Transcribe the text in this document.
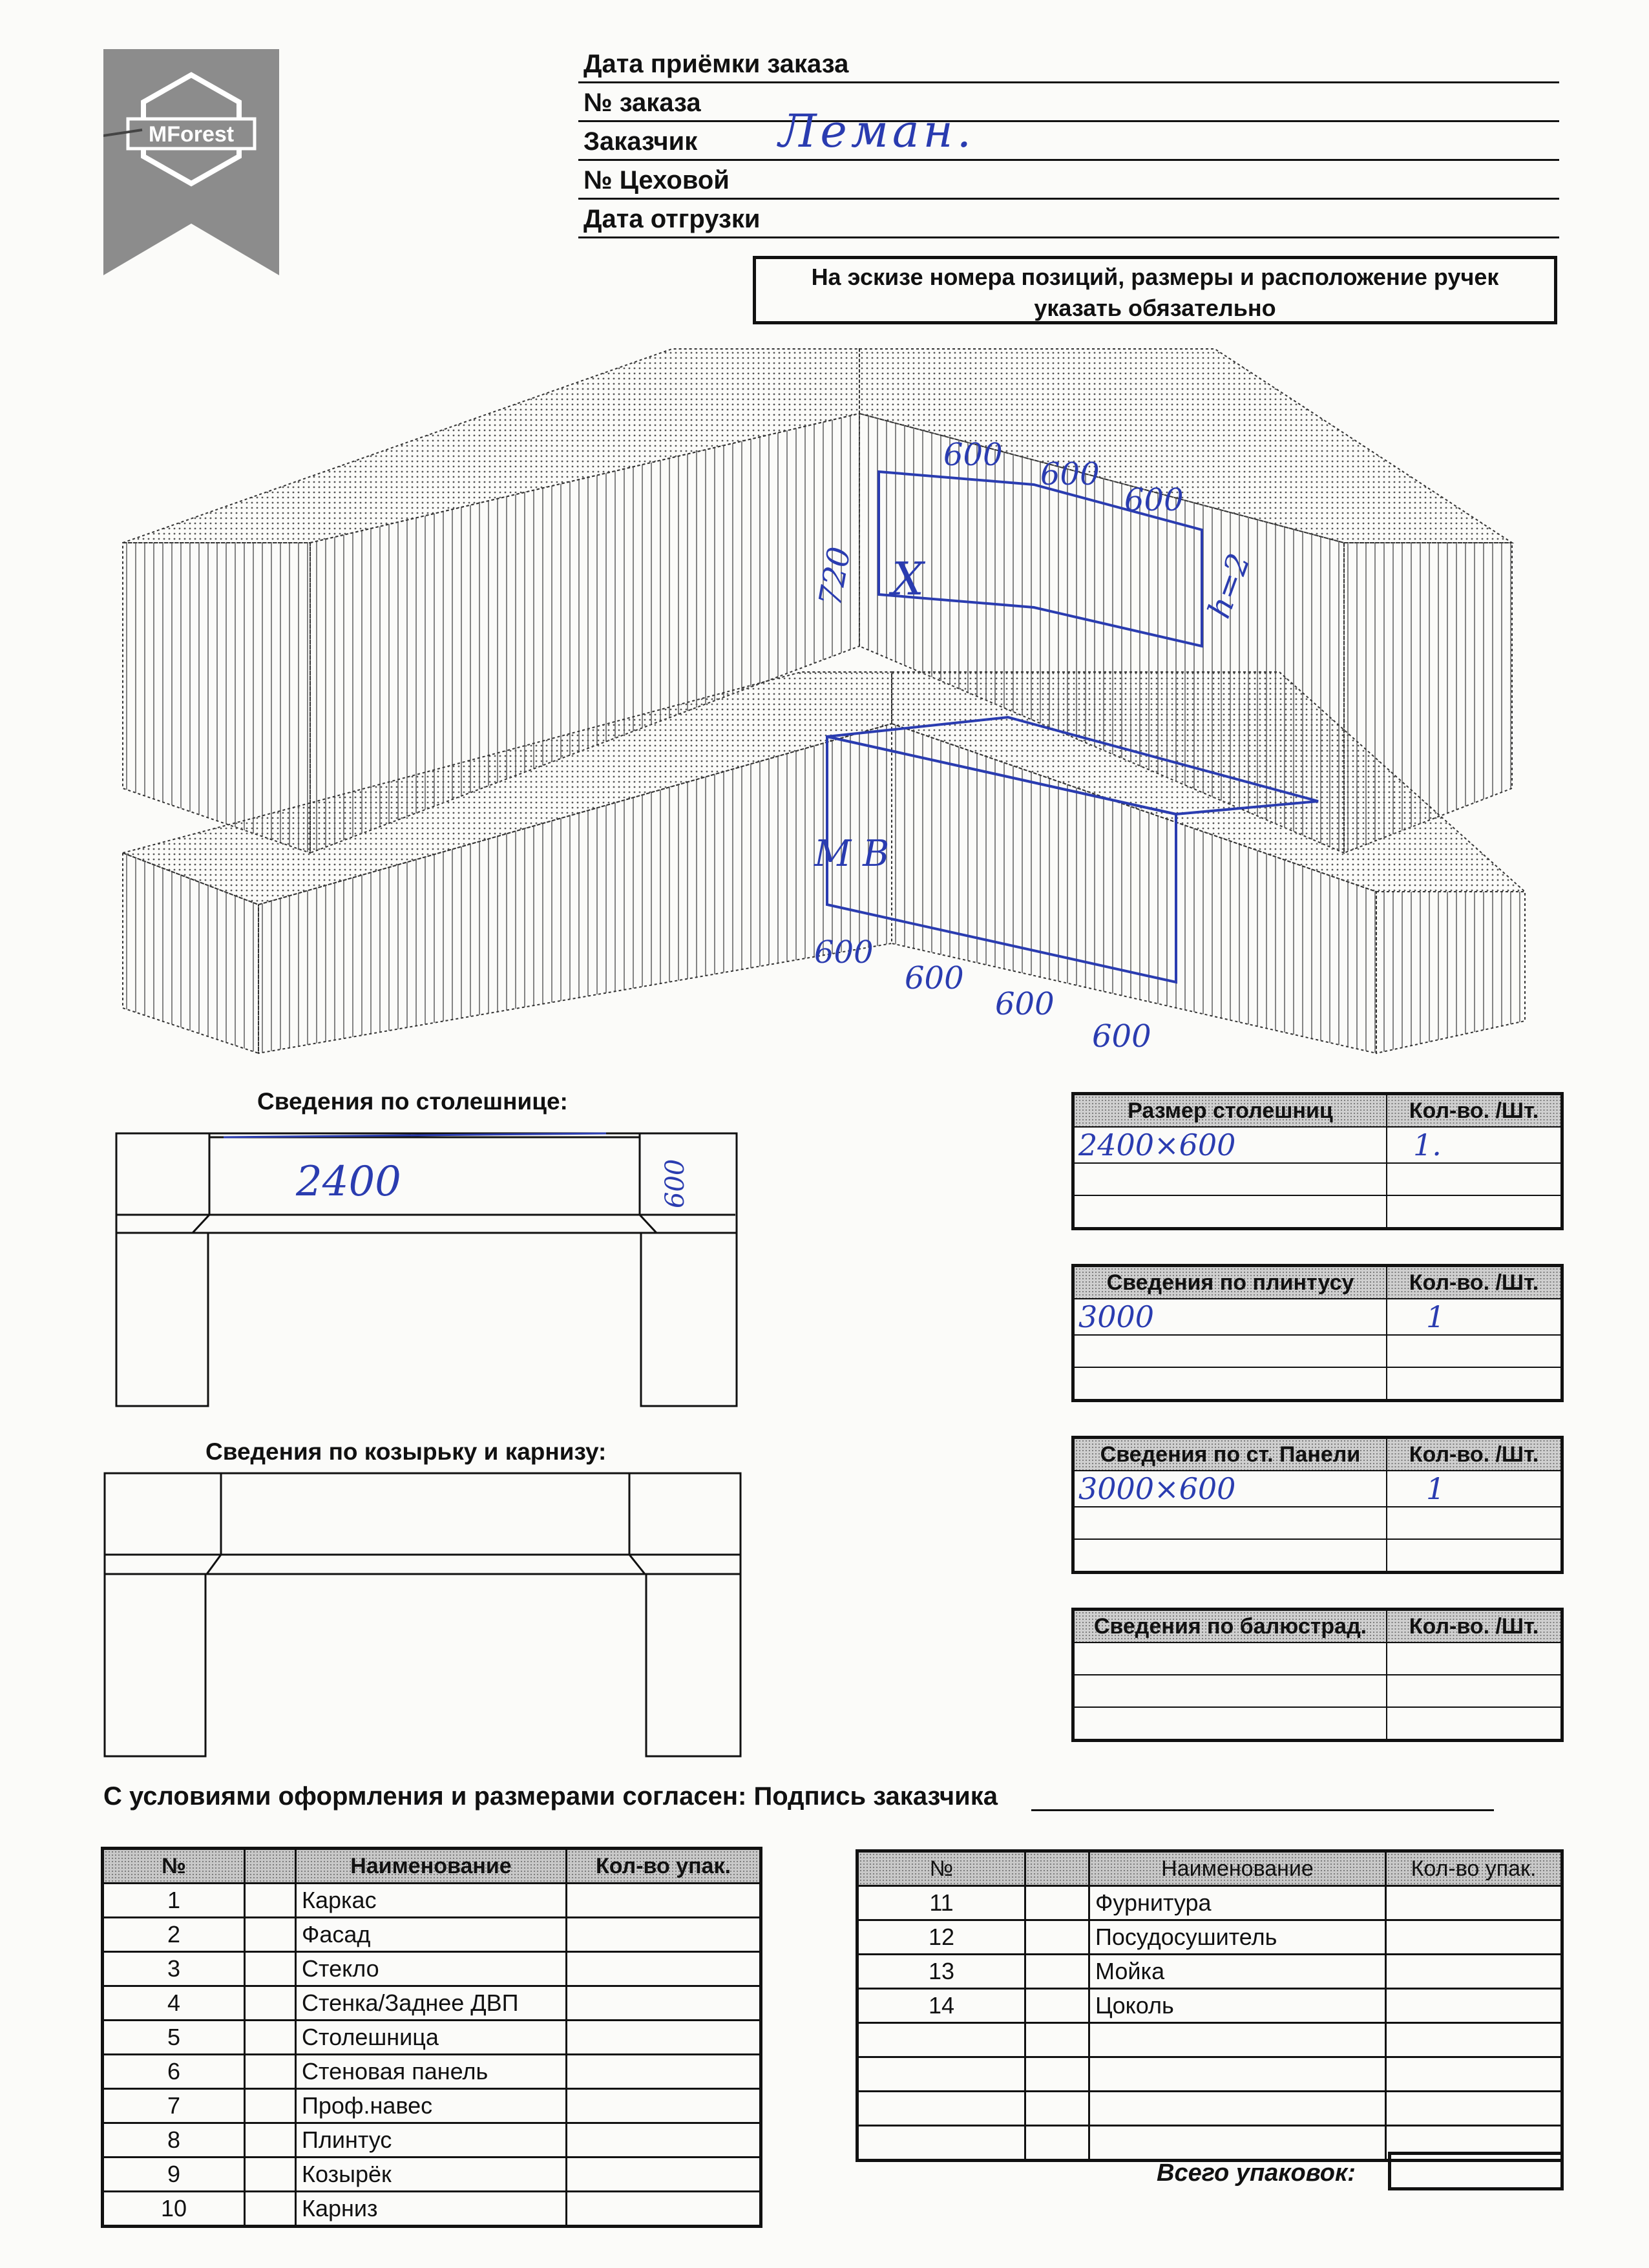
MForest
Дата приёмки заказа
№ заказа
Заказчик Леман.
№ Цеховой
Дата отгрузки
На эскизе номера позиций, размеры и расположение ручек
указать обязательно
600
600
600
720 X	h=2
М В
600
600
600
600
Сведения по столешнице:
2400	600
Сведения по козырьку и карнизу:
Размер столешниц	Кол-во. /Шт.
2400×600	1.

Сведения по плинтусу	Кол-во. /Шт.
3000	1

Сведения по ст. Панели	Кол-во. /Шт.
3000×600	1

Сведения по балюстрад.	Кол-во. /Шт.

С условиями оформления и размерами согласен: Подпись заказчика
№		Наименование	Кол-во упак.
1		Каркас	
2		Фасад	
3		Стекло	
4		Стенка/Заднее ДВП	
5		Столешница	
6		Стеновая панель	
7		Проф.навес	
8		Плинтус	
9		Козырёк	
10		Карниз	
№		Наименование	Кол-во упак.
11		Фурнитура	
12		Посудосушитель	
13		Мойка	
14		Цоколь	

Всего упаковок:
